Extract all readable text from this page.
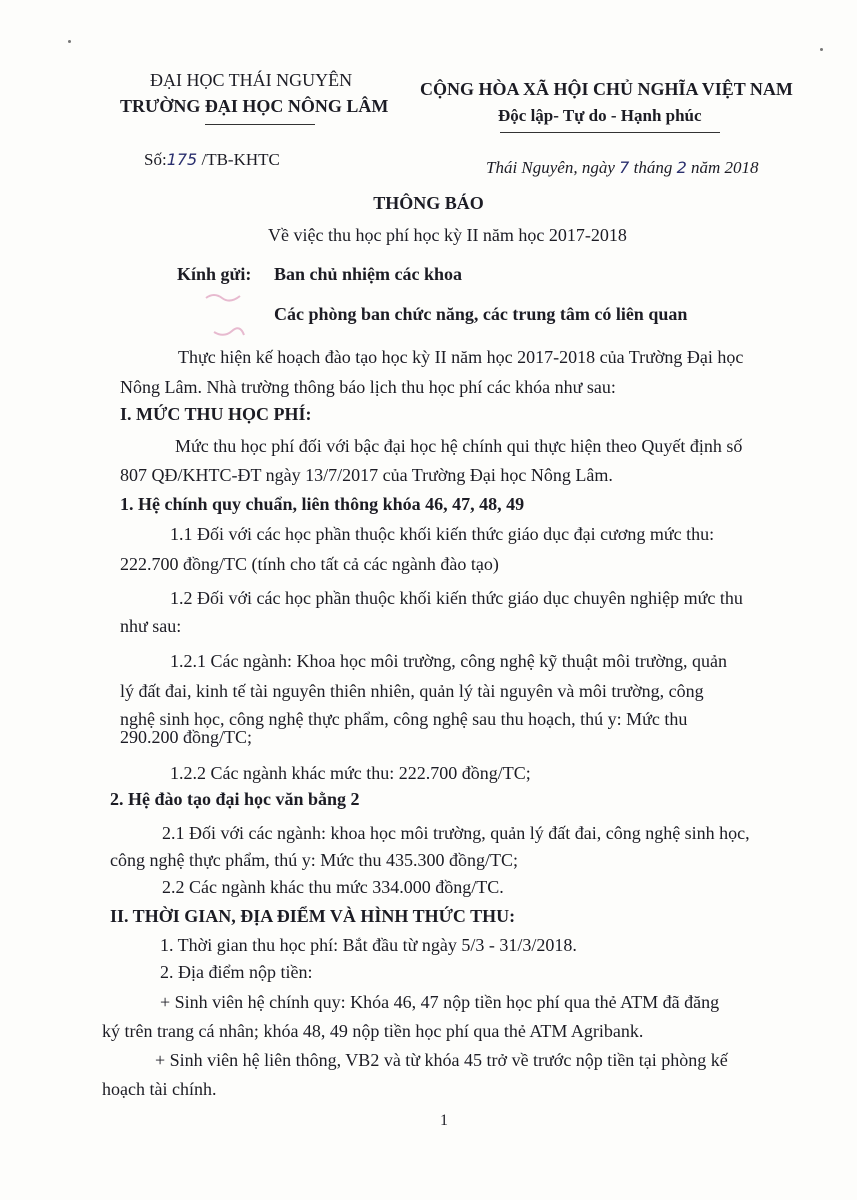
ĐẠI HỌC THÁI NGUYÊN
TRƯỜNG ĐẠI HỌC NÔNG LÂM
CỘNG HÒA XÃ HỘI CHỦ NGHĨA VIỆT NAM
Độc lập- Tự do - Hạnh phúc
Số:175 /TB-KHTC	Thái Nguyên, ngày 7 tháng 2 năm 2018
THÔNG BÁO
Về việc thu học phí học kỳ II năm học 2017-2018
Kính gửi: Ban chủ nhiệm các khoa
Các phòng ban chức năng, các trung tâm có liên quan
Thực hiện kế hoạch đào tạo học kỳ II năm học 2017-2018 của Trường Đại học
Nông Lâm. Nhà trường thông báo lịch thu học phí các khóa như sau:
I. MỨC THU HỌC PHÍ:
Mức thu học phí đối với bậc đại học hệ chính qui thực hiện theo Quyết định số
807 QĐ/KHTC-ĐT ngày 13/7/2017 của Trường Đại học Nông Lâm.
1. Hệ chính quy chuẩn, liên thông khóa 46, 47, 48, 49
1.1 Đối với các học phần thuộc khối kiến thức giáo dục đại cương mức thu:
222.700 đồng/TC (tính cho tất cả các ngành đào tạo)
1.2 Đối với các học phần thuộc khối kiến thức giáo dục chuyên nghiệp mức thu
như sau:
1.2.1 Các ngành: Khoa học môi trường, công nghệ kỹ thuật môi trường, quản
lý đất đai, kinh tế tài nguyên thiên nhiên, quản lý tài nguyên và môi trường, công
nghệ sinh học, công nghệ thực phẩm, công nghệ sau thu hoạch, thú y: Mức thu
290.200 đồng/TC;
1.2.2 Các ngành khác mức thu: 222.700 đồng/TC;
2. Hệ đào tạo đại học văn bằng 2
2.1 Đối với các ngành: khoa học môi trường, quản lý đất đai, công nghệ sinh học,
công nghệ thực phẩm, thú y: Mức thu 435.300 đồng/TC;
2.2 Các ngành khác thu mức 334.000 đồng/TC.
II. THỜI GIAN, ĐỊA ĐIỂM VÀ HÌNH THỨC THU:
1. Thời gian thu học phí: Bắt đầu từ ngày 5/3 - 31/3/2018.
2. Địa điểm nộp tiền:
+ Sinh viên hệ chính quy: Khóa 46, 47 nộp tiền học phí qua thẻ ATM đã đăng
ký trên trang cá nhân; khóa 48, 49 nộp tiền học phí qua thẻ ATM Agribank.
+ Sinh viên hệ liên thông, VB2 và từ khóa 45 trở về trước nộp tiền tại phòng kế
hoạch tài chính.
1
